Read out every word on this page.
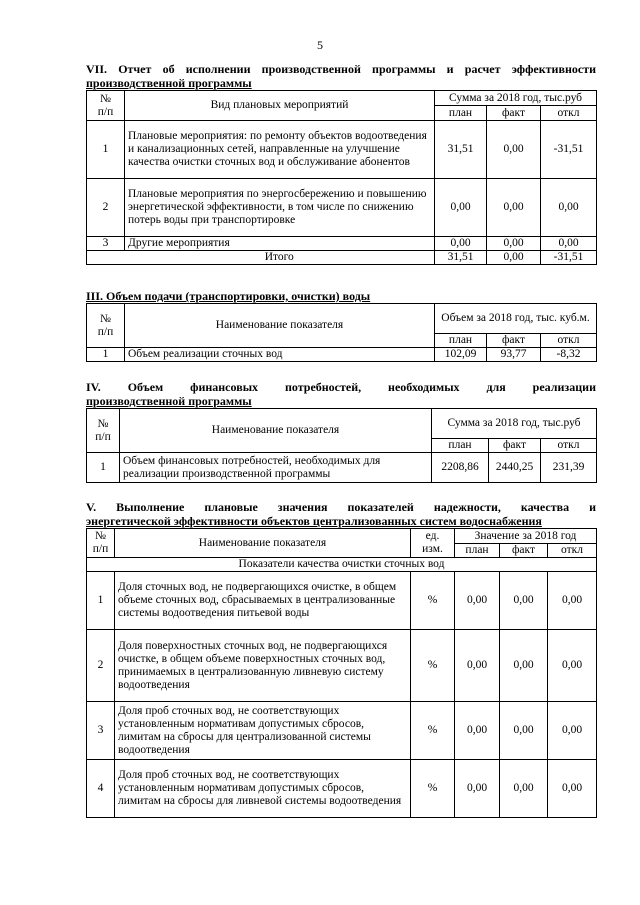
5
VII. Отчет об исполнении производственной программы и расчет эффективности
производственной программы
№
п/п	Вид плановых мероприятий	Сумма за 2018 год, тыс.руб		
		план	факт	откл
1	Плановые мероприятия: по ремонту объектов водоотведения и канализационных сетей, направленные на улучшение качества очистки сточных вод и обслуживание абонентов	31,51	0,00	-31,51
2	Плановые мероприятия по энергосбережению и повышению энергетической эффективности, в том числе по снижению потерь воды при транспортировке	0,00	0,00	0,00
3	Другие мероприятия	0,00	0,00	0,00
	Итого	31,51	0,00	-31,51
III. Объем подачи (транспортировки, очистки) воды
№
п/п	Наименование показателя	Объем за 2018 год, тыс. куб.м.		
		план	факт	откл
1	Объем реализации сточных вод	102,09	93,77	-8,32
IV. Объем финансовых потребностей, необходимых для реализации
производственной программы
№
п/п	Наименование показателя	Сумма за 2018 год, тыс.руб		
		план	факт	откл
1	Объем финансовых потребностей, необходимых для реализации производственной программы	2208,86	2440,25	231,39
V. Выполнение плановые значения показателей надежности, качества и
энергетической эффективности объектов централизованных систем водоснабжения
№
п/п	Наименование показателя	ед. изм.	Значение за 2018 год		
			план	факт	откл
Показатели качества очистки сточных вод					
1	Доля сточных вод, не подвергающихся очистке, в общем объеме сточных вод, сбрасываемых в централизованные системы водоотведения питьевой воды	%	0,00	0,00	0,00
2	Доля поверхностных сточных вод, не подвергающихся очистке, в общем объеме поверхностных сточных вод, принимаемых в централизованную ливневую систему водоотведения	%	0,00	0,00	0,00
3	Доля проб сточных вод, не соответствующих установленным нормативам допустимых сбросов, лимитам на сбросы для централизованной системы водоотведения	%	0,00	0,00	0,00
4	Доля проб сточных вод, не соответствующих установленным нормативам допустимых сбросов, лимитам на сбросы для ливневой системы водоотведения	%	0,00	0,00	0,00
